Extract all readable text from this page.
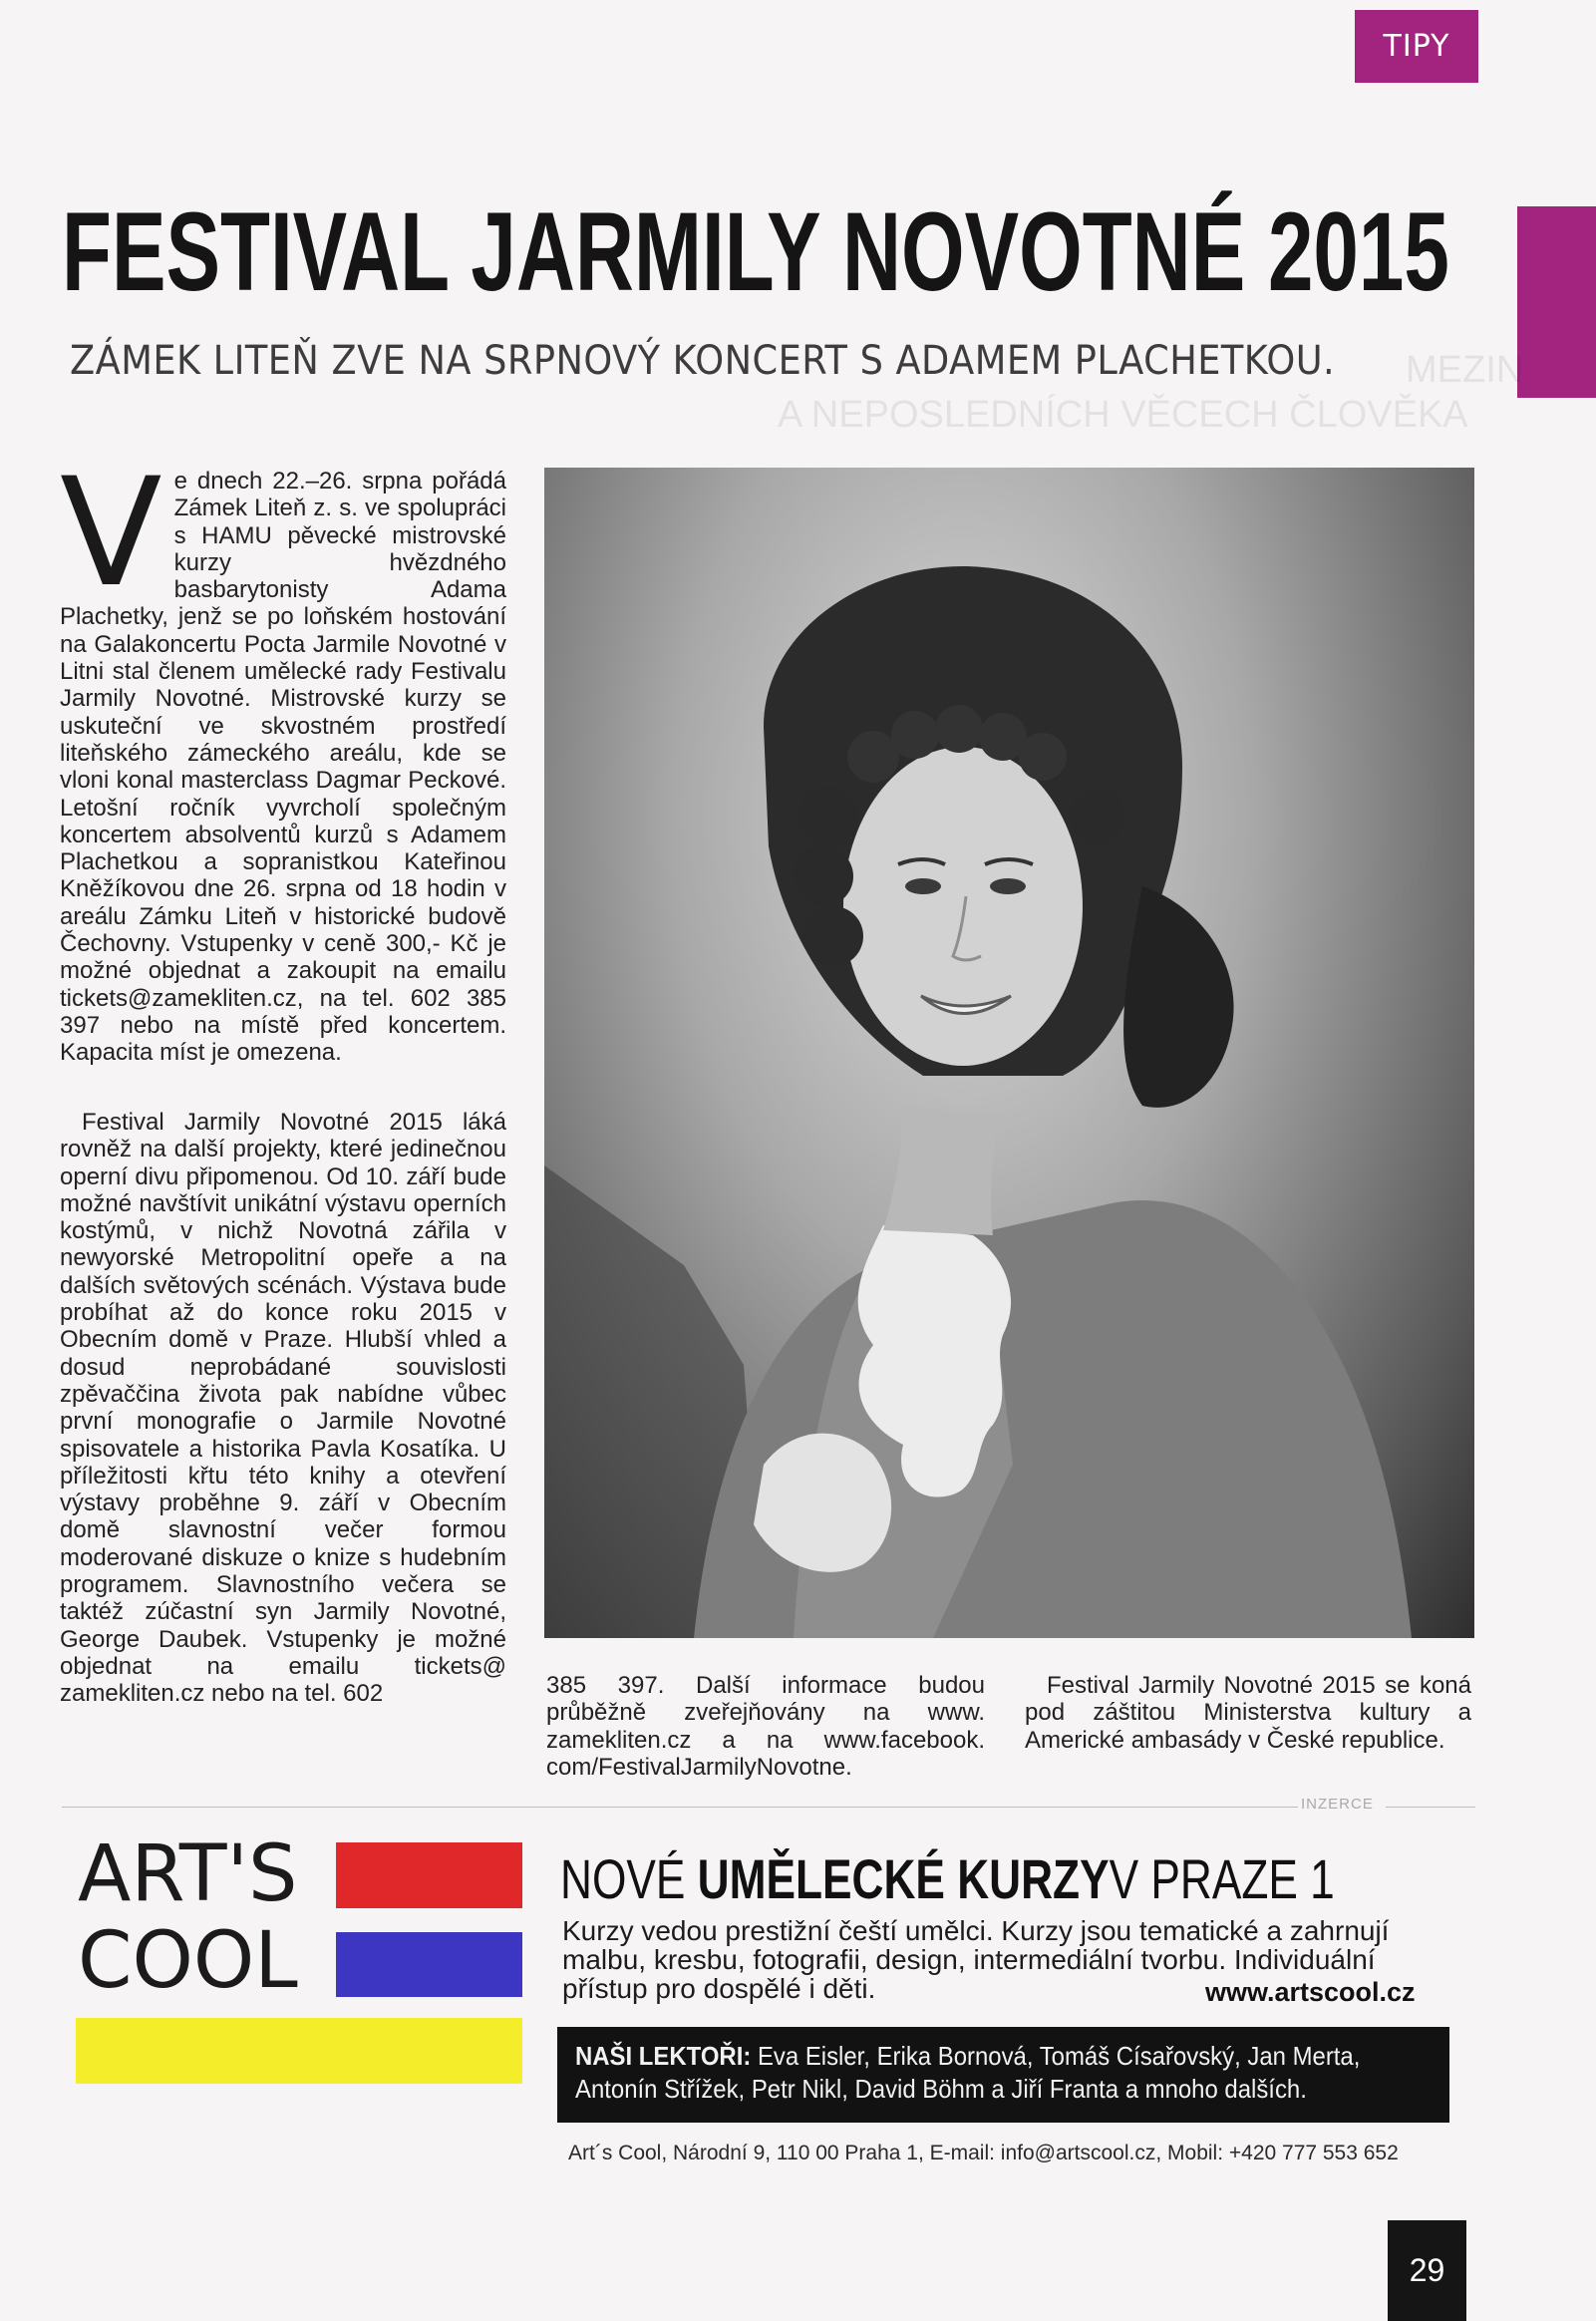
TIPY
MEZIN
A NEPOSLEDNÍCH VĚCECH ČLOVĚKA
FESTIVAL JARMILY NOVOTNÉ 2015
ZÁMEK LITEŇ ZVE NA SRPNOVÝ KONCERT S ADAMEM PLACHETKOU.
Ve dnech 22.–26. srpna pořádá Zámek Liteň z. s. ve spolupráci s HAMU pěvecké mistrovské kurzy hvězdného basbarytonisty Adama Plachetky, jenž se po loňském hostování na Galakoncertu Pocta Jarmile Novotné v Litni stal členem umělecké rady Festivalu Jarmily Novotné. Mistrovské kurzy se uskuteční ve skvostném prostředí liteňského zámeckého areálu, kde se vloni konal masterclass Dagmar Peckové. Letošní ročník vyvrcholí společným koncertem absolventů kurzů s Adamem Plachetkou a sopranistkou Kateřinou Kněžíkovou dne 26. srpna od 18 hodin v areálu Zámku Liteň v historické budově Čechovny. Vstupenky v ceně 300,- Kč je možné objednat a zakoupit na emailu tickets@zamekliten.cz, na tel. 602 385 397 nebo na místě před koncertem. Kapacita míst je omezena.
Festival Jarmily Novotné 2015 láká rovněž na další projekty, které jedinečnou operní divu připomenou. Od 10. září bude možné navštívit unikátní výstavu operních kostýmů, v nichž Novotná zářila v newyorské Metropolitní opeře a na dalších světových scénách. Výstava bude probíhat až do konce roku 2015 v Obecním domě v Praze. Hlubší vhled a dosud neprobádané souvislosti zpěvaččina života pak nabídne vůbec první monografie o Jarmile Novotné spisovatele a historika Pavla Kosatíka. U příležitosti křtu této knihy a otevření výstavy proběhne 9. září v Obecním domě slavnostní večer formou moderované diskuze o knize s hudebním programem. Slavnostního večera se taktéž zúčastní syn Jarmily Novotné, George Daubek. Vstupenky je možné objednat na emailu tickets@ zamekliten.cz nebo na tel. 602	385 397. Další informace budou průběžně zveřejňovány na www. zamekliten.cz a na www.facebook. com/FestivalJarmilyNovotne.
Festival Jarmily Novotné 2015 se koná pod záštitou Ministerstva kultury a Americké ambasády v České republice.
INZERCE
ART'S
COOL
NOVÉ UMĚLECKÉ KURZYV PRAZE 1
Kurzy vedou prestižní čeští umělci. Kurzy jsou tematické a zahrnují malbu, kresbu, fotografii, design, intermediální tvorbu. Individuální přístup pro dospělé i děti.	www.artscool.cz
NAŠI LEKTOŘI: Eva Eisler, Erika Bornová, Tomáš Císařovský, Jan Merta, Antonín Střížek, Petr Nikl, David Böhm a Jiří Franta a mnoho dalších.
Art´s Cool, Národní 9, 110 00 Praha 1, E-mail: info@artscool.cz, Mobil: +420 777 553 652
29
